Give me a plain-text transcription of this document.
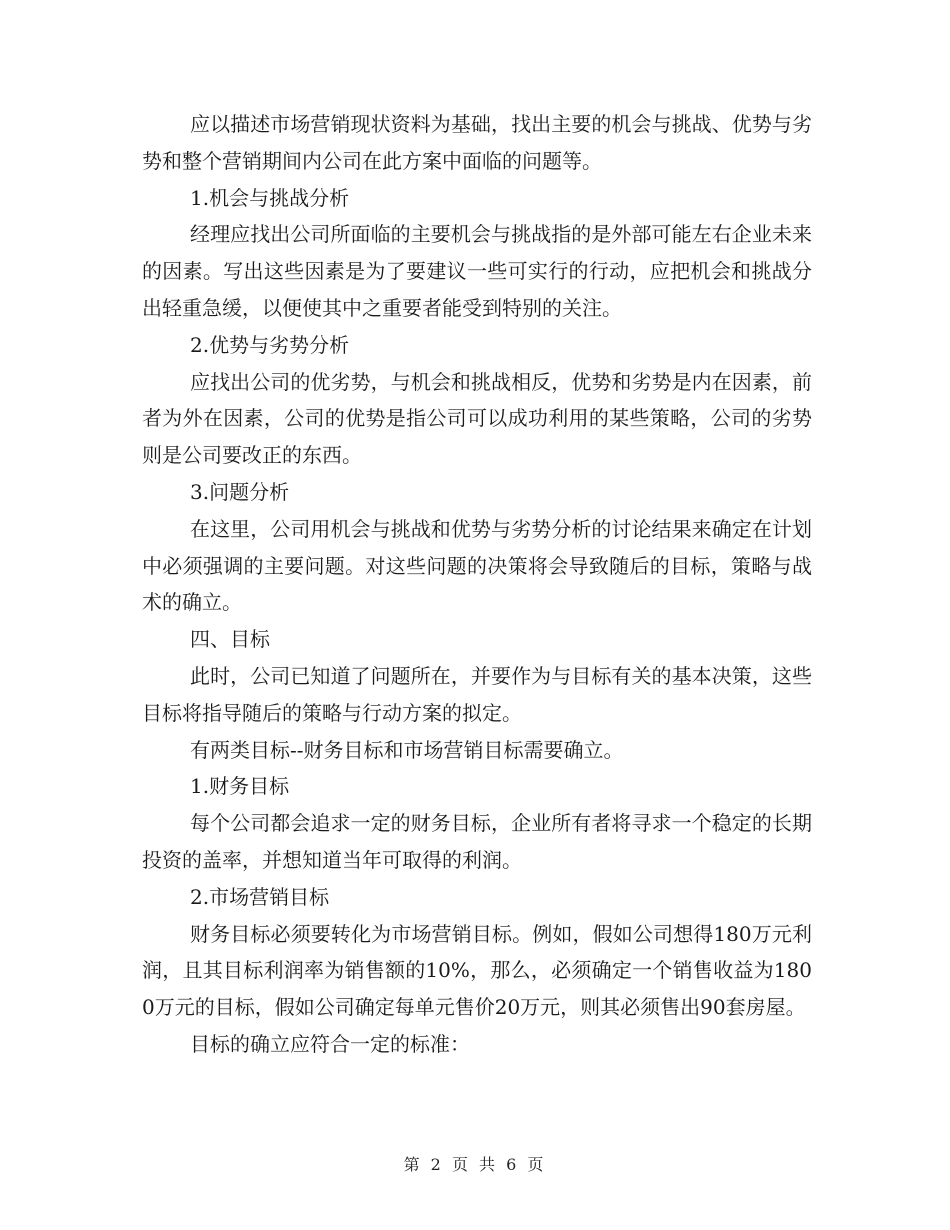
应以描述市场营销现状资料为基础，找出主要的机会与挑战、优势与劣势和整个营销期间内公司在此方案中面临的问题等。

1.机会与挑战分析

经理应找出公司所面临的主要机会与挑战指的是外部可能左右企业未来的因素。写出这些因素是为了要建议一些可实行的行动，应把机会和挑战分出轻重急缓，以便使其中之重要者能受到特别的关注。

2.优势与劣势分析

应找出公司的优劣势，与机会和挑战相反，优势和劣势是内在因素，前者为外在因素，公司的优势是指公司可以成功利用的某些策略，公司的劣势则是公司要改正的东西。

3.问题分析

在这里，公司用机会与挑战和优势与劣势分析的讨论结果来确定在计划中必须强调的主要问题。对这些问题的决策将会导致随后的目标，策略与战术的确立。

四、目标

此时，公司已知道了问题所在，并要作为与目标有关的基本决策，这些目标将指导随后的策略与行动方案的拟定。

有两类目标--财务目标和市场营销目标需要确立。

1.财务目标

每个公司都会追求一定的财务目标，企业所有者将寻求一个稳定的长期投资的盖率，并想知道当年可取得的利润。

2.市场营销目标

财务目标必须要转化为市场营销目标。例如，假如公司想得180万元利润，且其目标利润率为销售额的10%，那么，必须确定一个销售收益为1800万元的目标，假如公司确定每单元售价20万元，则其必须售出90套房屋。

目标的确立应符合一定的标准：

第 2 页 共 6 页
